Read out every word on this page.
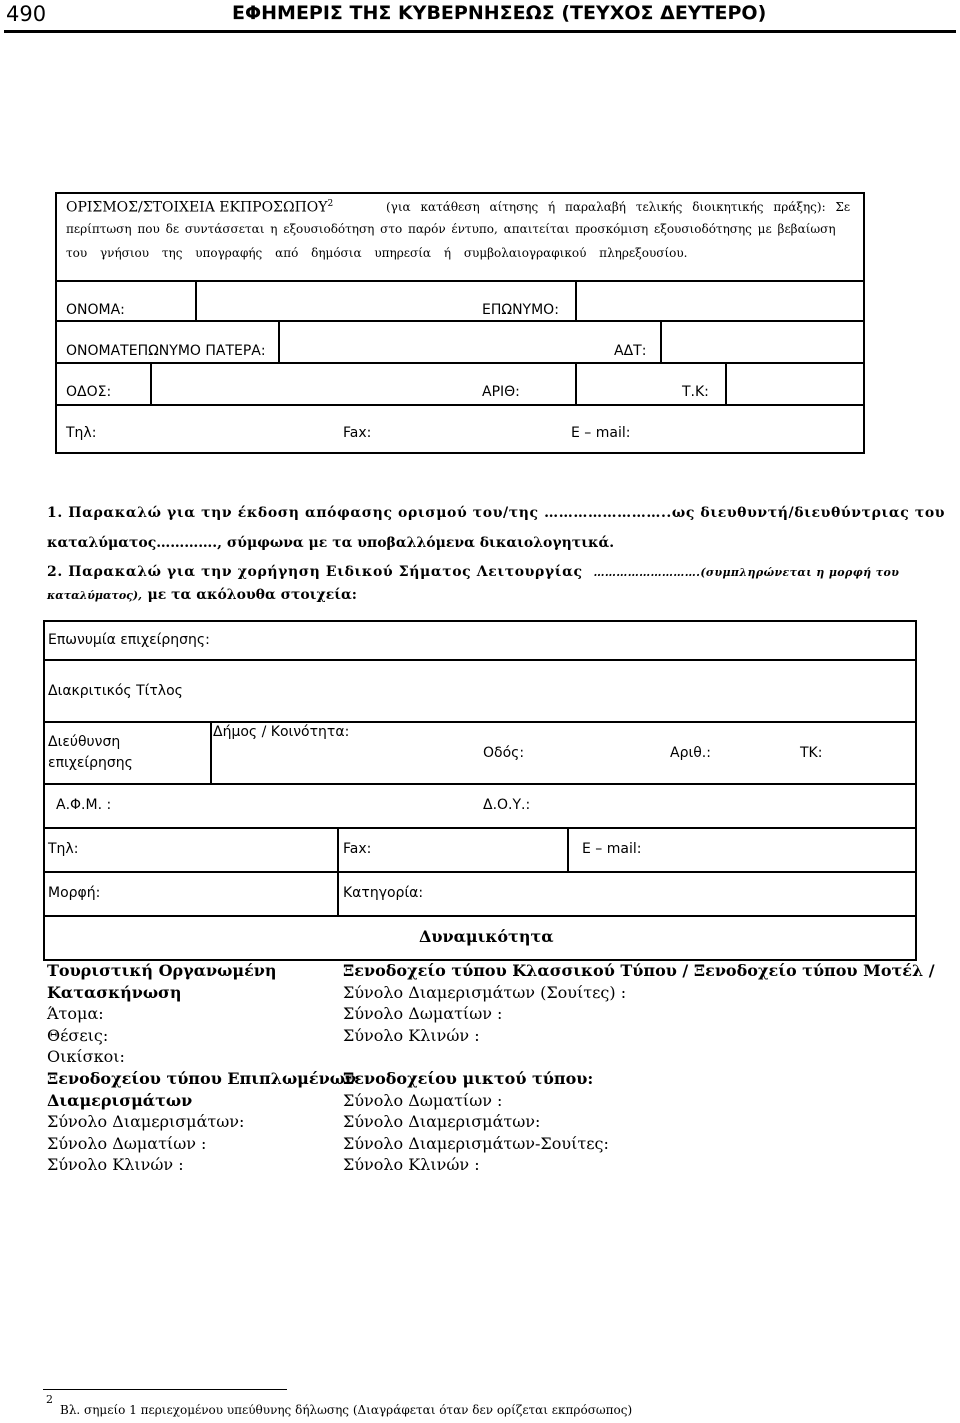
490	ΕΦΗΜΕΡΙΣ ΤΗΣ ΚΥΒΕΡΝΗΣΕΩΣ (ΤΕΥΧΟΣ ΔΕΥΤΕΡΟ)
ΟΡΙΣΜΟΣ/ΣΤΟΙΧΕΙΑ ΕΚΠΡΟΣΩΠΟΥ$^2$	(για κατάθεση αίτησης ή παραλαβή τελικής διοικητικής πράξης): Σε
περίπτωση που δε συντάσσεται η εξουσιοδότηση στο παρόν έντυπο, απαιτείται προσκόμιση εξουσιοδότησης με βεβαίωση
του γνήσιου της υπογραφής από δημόσια υπηρεσία ή συμβολαιογραφικού πληρεξουσίου.
ΟΝΟΜΑ:	ΕΠΩΝΥΜΟ:
ΟΝΟΜΑΤΕΠΩΝΥΜΟ ΠΑΤΕΡΑ:	ΑΔΤ:
ΟΔΟΣ:	ΑΡΙΘ:	Τ.Κ:
Τηλ:	Fax:	E – mail:
1. Παρακαλώ για την έκδοση απόφασης ορισμού του/της ……………………..ως διευθυντή/διευθύντριας του
καταλύματος…………., σύμφωνα με τα υποβαλλόμενα δικαιολογητικά.
2. Παρακαλώ για την χορήγηση Ειδικού Σήματος Λειτουργίας ……………………….(συμπληρώνεται η μορφή του
καταλύματος), με τα ακόλουθα στοιχεία:
Επωνυμία επιχείρησης:
Διακριτικός Τίτλος
Διεύθυνση
επιχείρησης
Δήμος / Κοινότητα:
Οδός:	Αριθ.:	ΤΚ:
Α.Φ.Μ. :	Δ.Ο.Υ.:
Τηλ:	Fax:	E – mail:
Μορφή:	Κατηγορία:
Δυναμικότητα
Τουριστική Οργανωμένη
Κατασκήνωση
Άτομα:
Θέσεις:
Οικίσκοι:
Ξενοδοχείου τύπου Επιπλωμένων
Διαμερισμάτων
Σύνολο Διαμερισμάτων:
Σύνολο Δωματίων :
Σύνολο Κλινών :
Ξενοδοχείο τύπου Κλασσικού Τύπου / Ξενοδοχείο τύπου Μοτέλ /
Σύνολο Διαμερισμάτων (Σουίτες) :
Σύνολο Δωματίων :
Σύνολο Κλινών :
Ξενοδοχείου μικτού τύπου:
Σύνολο Δωματίων :
Σύνολο Διαμερισμάτων:
Σύνολο Διαμερισμάτων-Σουίτες:
Σύνολο Κλινών :
2
Βλ. σημείο 1 περιεχομένου υπεύθυνης δήλωσης (Διαγράφεται όταν δεν ορίζεται εκπρόσωπος)
